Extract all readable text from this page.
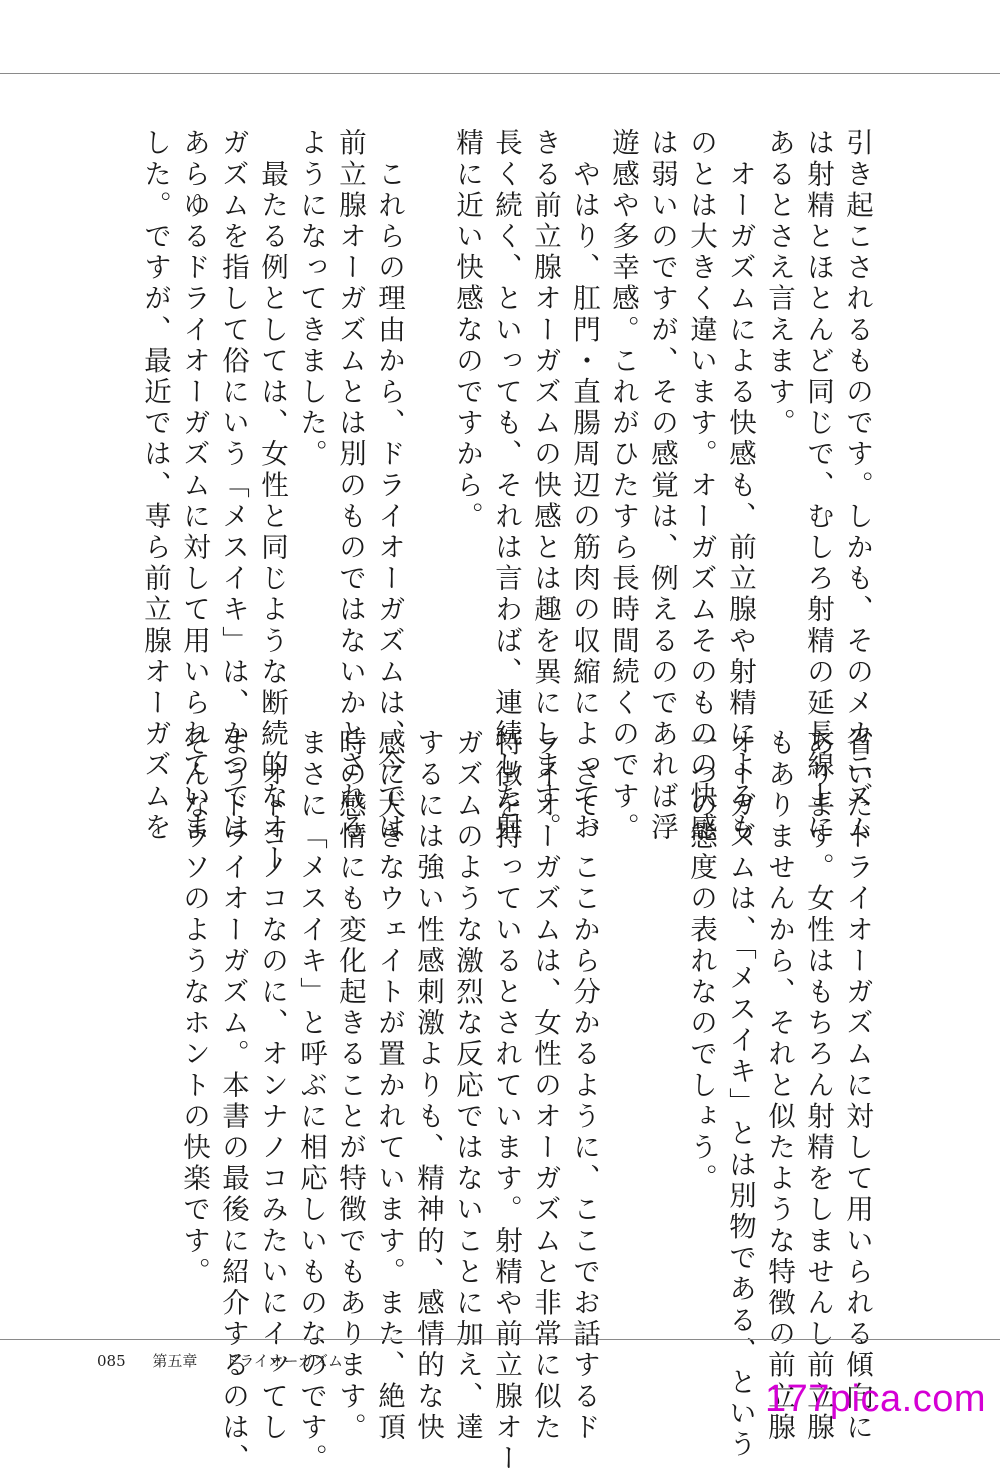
引き起こされるものです。しかも、そのメカニズム
は射精とほとんど同じで、むしろ射精の延長線上に
あるとさえ言えます。
　オーガズムによる快感も、前立腺や射精によるも
のとは大きく違います。オーガズムそのものの快感
は弱いのですが、その感覚は、例えるのであれば浮
遊感や多幸感。これがひたすら長時間続くのです。
　やはり、肛門・直腸周辺の筋肉の収縮によってお
きる前立腺オーガズムの快感とは趣を異にします。
長く続く、といっても、それは言わば、連続した射
精に近い快感なのですから。

　これらの理由から、ドライオーガズムは、今では
前立腺オーガズムとは別のものではないかとされる
ようになってきました。
　最たる例としては、女性と同じような断続的なオー
ガズムを指して俗にいう「メスイキ」は、かつては
あらゆるドライオーガズムに対して用いられていま
した。ですが、最近では、専ら前立腺オーガズムを
省いたドライオーガズムに対して用いられる傾向に
あります。女性はもちろん射精をしませんし前立腺
もありませんから、それと似たような特徴の前立腺
オーガズムは、「メスイキ」とは別物である、という
一つの態度の表れなのでしょう。

　さて、ここから分かるように、ここでお話するド
ライオーガズムは、女性のオーガズムと非常に似た
特徴を持っているとされています。射精や前立腺オー
ガズムのような激烈な反応ではないことに加え、達
するには強い性感刺激よりも、精神的、感情的な快
感に大きなウェイトが置かれています。また、絶頂
時の感情にも変化起きることが特徴でもあります。
まさに「メスイキ」と呼ぶに相応しいものなのです。
　オトコノコなのに、オンナノコみたいにイッてし
まうドライオーガズム。本書の最後に紹介するのは、
そんなウソのようなホントの快楽です。
085 第五章 ドライオーガズム
177pica.com
